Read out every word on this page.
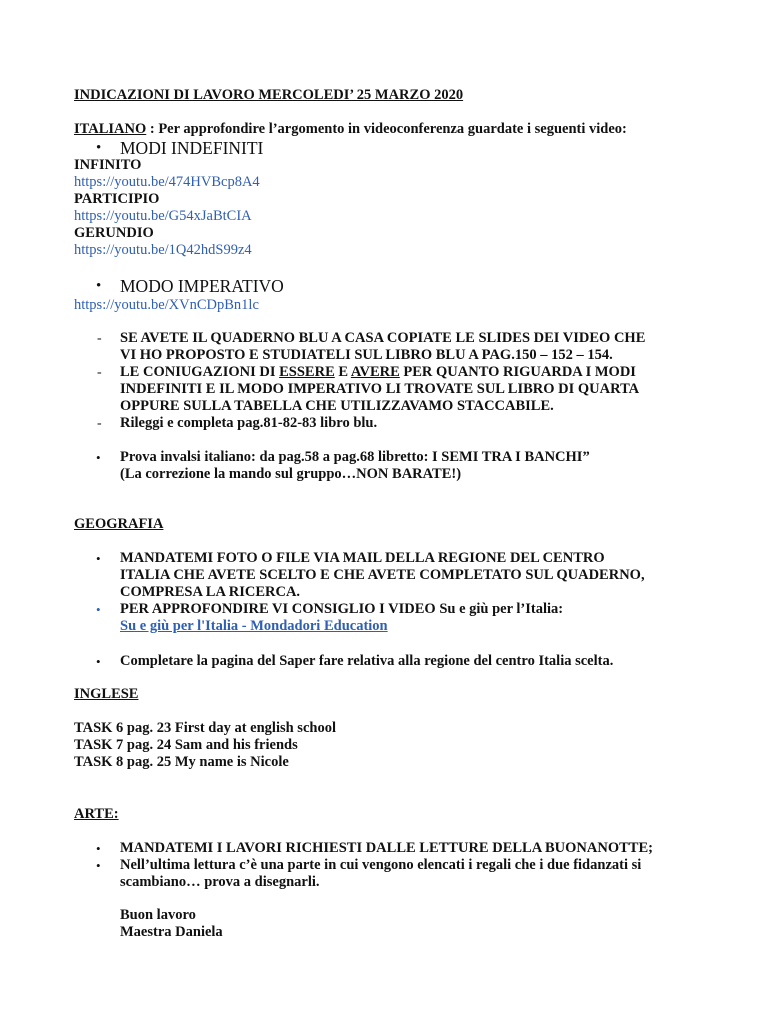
INDICAZIONI DI LAVORO MERCOLEDI’ 25 MARZO 2020
ITALIANO : Per approfondire l’argomento in videoconferenza guardate i seguenti video:
• MODI INDEFINITI
INFINITO
https://youtu.be/474HVBcp8A4
PARTICIPIO
https://youtu.be/G54xJaBtCIA
GERUNDIO
https://youtu.be/1Q42hdS99z4
• MODO IMPERATIVO
https://youtu.be/XVnCDpBn1lc
- SE AVETE IL QUADERNO BLU A CASA COPIATE LE SLIDES DEI VIDEO CHE
VI HO PROPOSTO E STUDIATELI SUL LIBRO BLU A PAG.150 – 152 – 154.
- LE CONIUGAZIONI DI ESSERE E AVERE PER QUANTO RIGUARDA I MODI
INDEFINITI E IL MODO IMPERATIVO LI TROVATE SUL LIBRO DI QUARTA
OPPURE SULLA TABELLA CHE UTILIZZAVAMO STACCABILE.
- Rileggi e completa pag.81-82-83 libro blu.
• Prova invalsi italiano: da pag.58 a pag.68 libretto: I SEMI TRA I BANCHI”
(La correzione la mando sul gruppo…NON BARATE!)
GEOGRAFIA
• MANDATEMI FOTO O FILE VIA MAIL DELLA REGIONE DEL CENTRO
ITALIA CHE AVETE SCELTO E CHE AVETE COMPLETATO SUL QUADERNO,
COMPRESA LA RICERCA.
• PER APPROFONDIRE VI CONSIGLIO I VIDEO Su e giù per l’Italia:
Su e giù per l'Italia - Mondadori Education
• Completare la pagina del Saper fare relativa alla regione del centro Italia scelta.
INGLESE
TASK 6 pag. 23 First day at english school
TASK 7 pag. 24 Sam and his friends
TASK 8 pag. 25 My name is Nicole
ARTE:
• MANDATEMI I LAVORI RICHIESTI DALLE LETTURE DELLA BUONANOTTE;
• Nell’ultima lettura c’è una parte in cui vengono elencati i regali che i due fidanzati si
scambiano… prova a disegnarli.
Buon lavoro
Maestra Daniela
